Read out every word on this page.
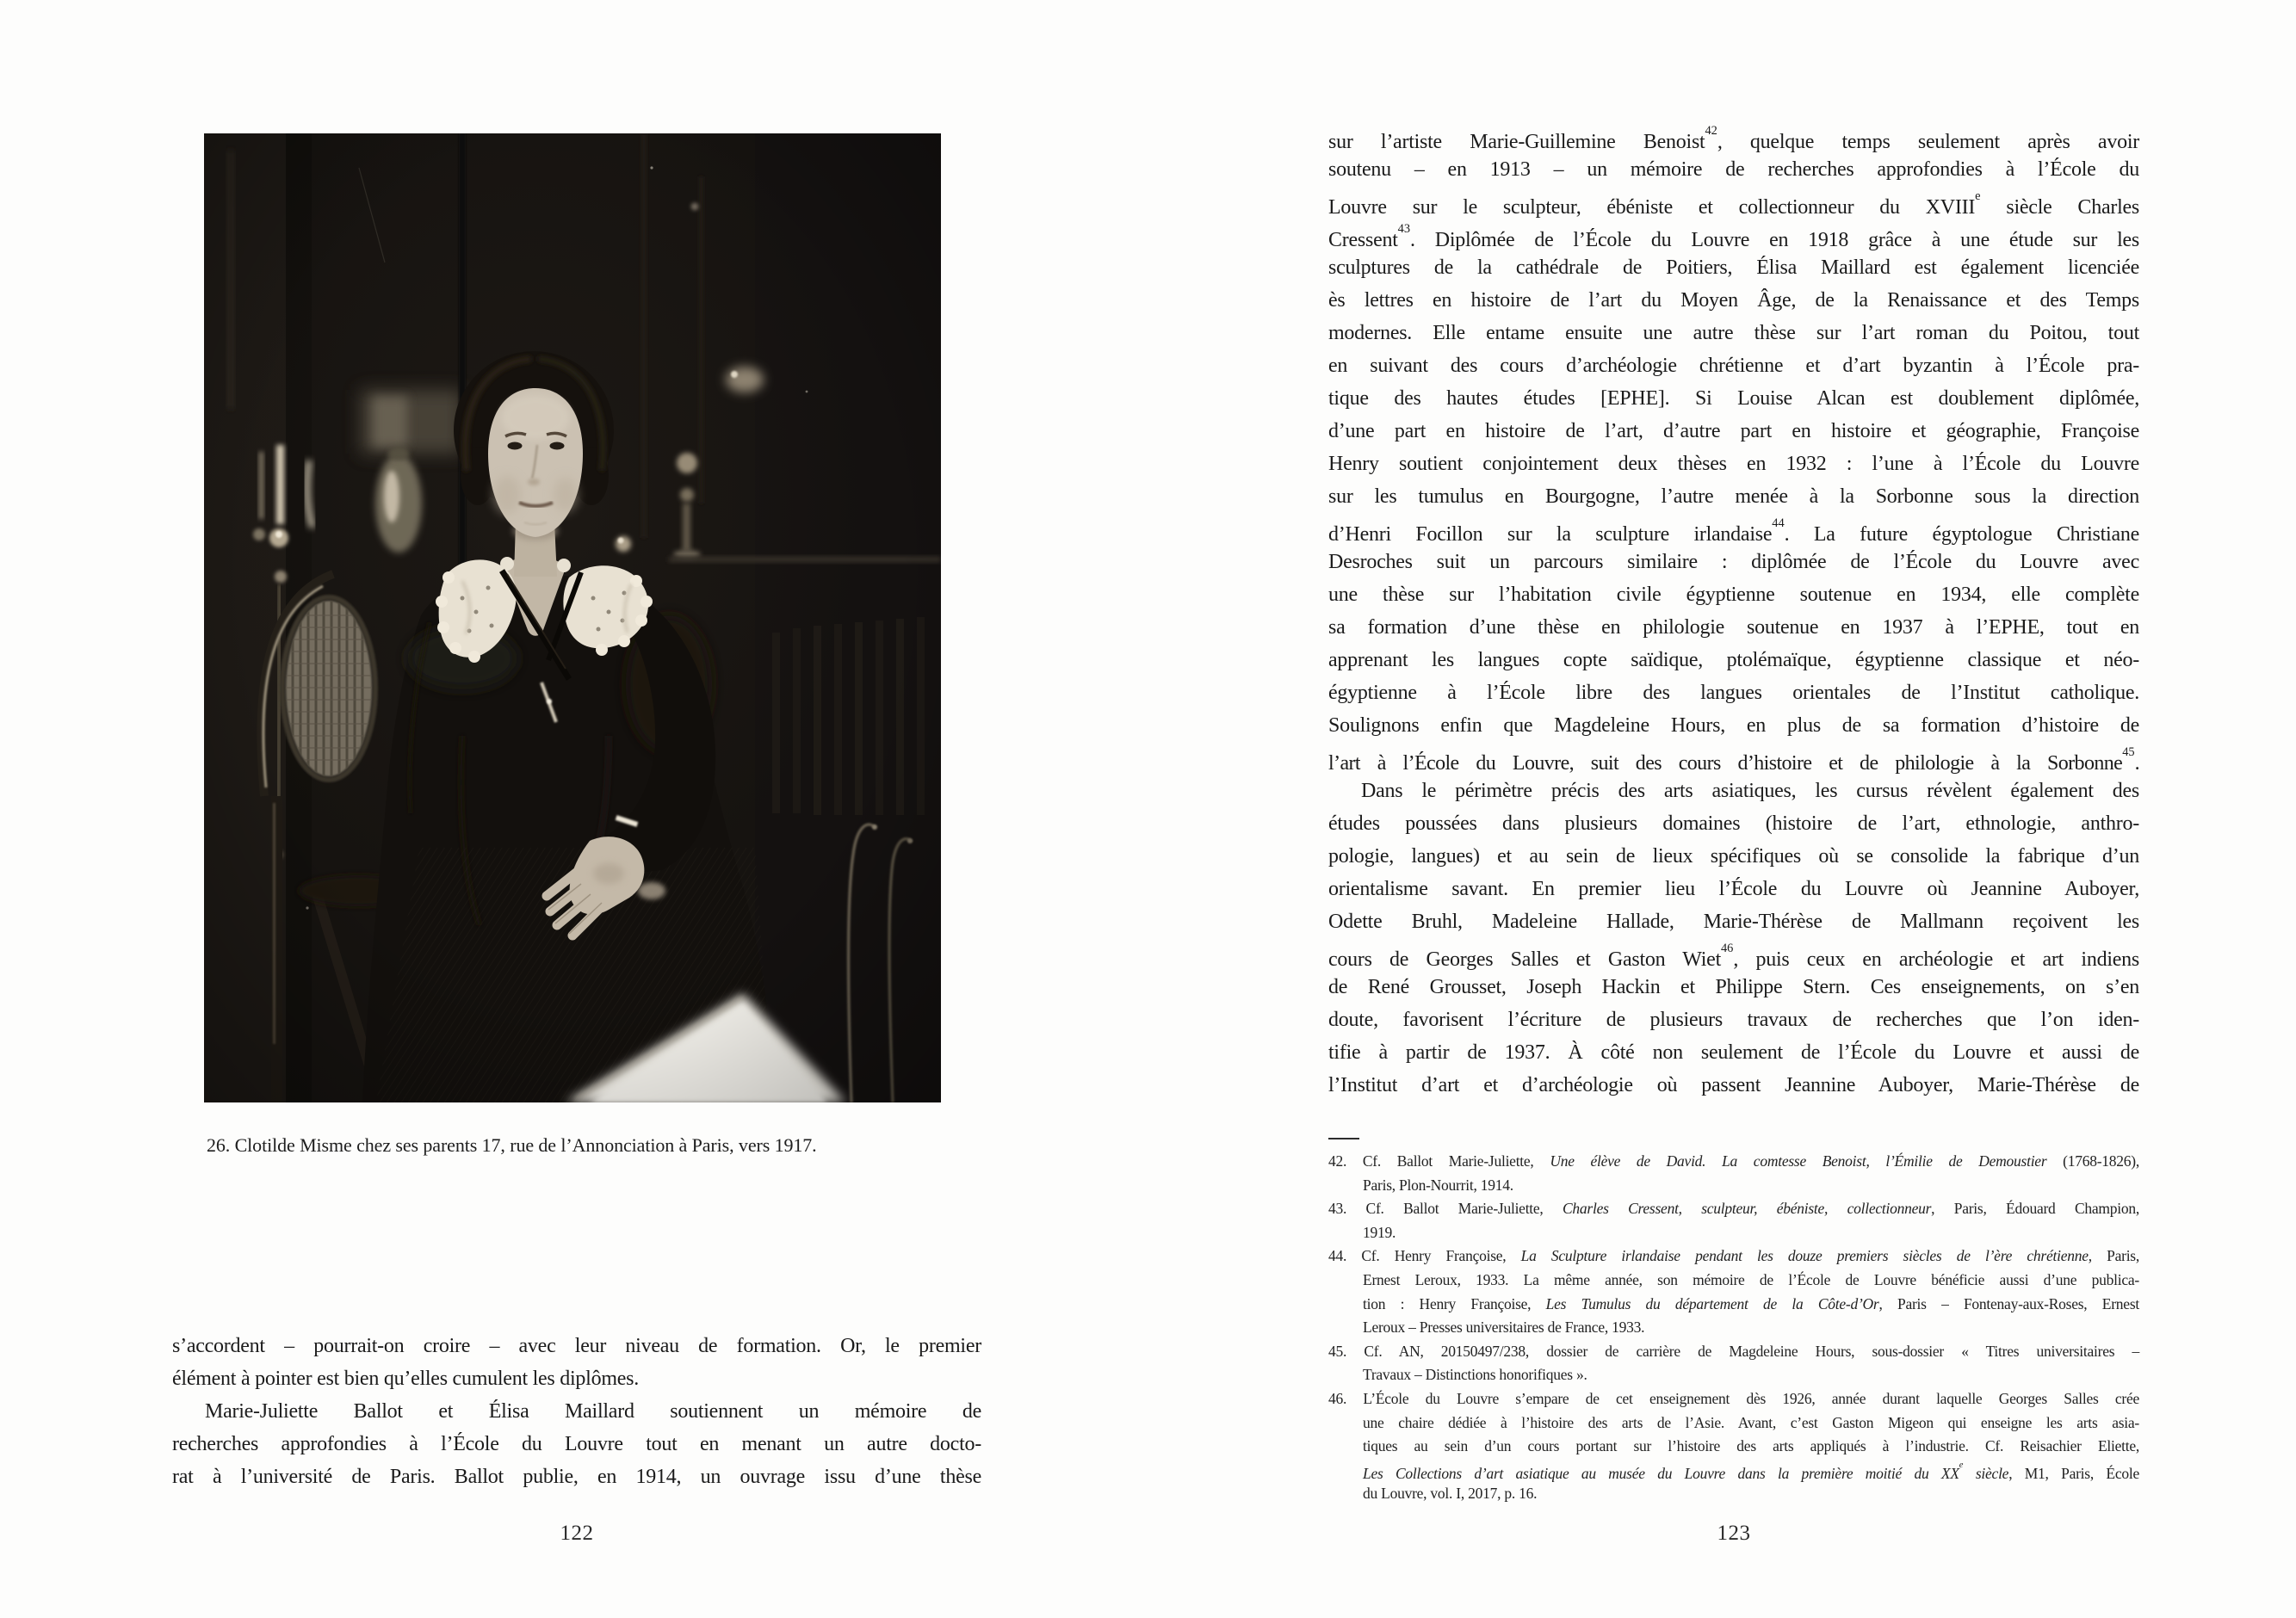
26. Clotilde Misme chez ses parents 17, rue de l’Annonciation à Paris, vers 1917.
s’accordent – pourrait-on croire – avec leur niveau de formation. Or, le premier
élément à pointer est bien qu’elles cumulent les diplômes.
Marie-Juliette Ballot et Élisa Maillard soutiennent un mémoire de
recherches approfondies à l’École du Louvre tout en menant un autre docto-
rat à l’université de Paris. Ballot publie, en 1914, un ouvrage issu d’une thèse
122
sur l’artiste Marie-Guillemine Benoist$^{42}$, quelque temps seulement après avoir
soutenu – en 1913 – un mémoire de recherches approfondies à l’École du
Louvre sur le sculpteur, ébéniste et collectionneur du XVIIIe siècle Charles
Cressent$^{43}$. Diplômée de l’École du Louvre en 1918 grâce à une étude sur les
sculptures de la cathédrale de Poitiers, Élisa Maillard est également licenciée
ès lettres en histoire de l’art du Moyen Âge, de la Renaissance et des Temps
modernes. Elle entame ensuite une autre thèse sur l’art roman du Poitou, tout
en suivant des cours d’archéologie chrétienne et d’art byzantin à l’École pra-
tique des hautes études [EPHE]. Si Louise Alcan est doublement diplômée,
d’une part en histoire de l’art, d’autre part en histoire et géographie, Françoise
Henry soutient conjointement deux thèses en 1932 : l’une à l’École du Louvre
sur les tumulus en Bourgogne, l’autre menée à la Sorbonne sous la direction
d’Henri Focillon sur la sculpture irlandaise$^{44}$. La future égyptologue Christiane
Desroches suit un parcours similaire : diplômée de l’École du Louvre avec
une thèse sur l’habitation civile égyptienne soutenue en 1934, elle complète
sa formation d’une thèse en philologie soutenue en 1937 à l’EPHE, tout en
apprenant les langues copte saïdique, ptolémaïque, égyptienne classique et néo-
égyptienne à l’École libre des langues orientales de l’Institut catholique.
Soulignons enfin que Magdeleine Hours, en plus de sa formation d’histoire de
l’art à l’École du Louvre, suit des cours d’histoire et de philologie à la Sorbonne$^{45}$.
Dans le périmètre précis des arts asiatiques, les cursus révèlent également des
études poussées dans plusieurs domaines (histoire de l’art, ethnologie, anthro-
pologie, langues) et au sein de lieux spécifiques où se consolide la fabrique d’un
orientalisme savant. En premier lieu l’École du Louvre où Jeannine Auboyer,
Odette Bruhl, Madeleine Hallade, Marie-Thérèse de Mallmann reçoivent les
cours de Georges Salles et Gaston Wiet$^{46}$, puis ceux en archéologie et art indiens
de René Grousset, Joseph Hackin et Philippe Stern. Ces enseignements, on s’en
doute, favorisent l’écriture de plusieurs travaux de recherches que l’on iden-
tifie à partir de 1937. À côté non seulement de l’École du Louvre et aussi de
l’Institut d’art et d’archéologie où passent Jeannine Auboyer, Marie-Thérèse de
42. Cf. Ballot Marie-Juliette, Une élève de David. La comtesse Benoist, l’Émilie de Demoustier (1768-1826),
Paris, Plon-Nourrit, 1914.
43. Cf. Ballot Marie-Juliette, Charles Cressent, sculpteur, ébéniste, collectionneur, Paris, Édouard Champion,
1919.
44. Cf. Henry Françoise, La Sculpture irlandaise pendant les douze premiers siècles de l’ère chrétienne, Paris,
Ernest Leroux, 1933. La même année, son mémoire de l’École de Louvre bénéficie aussi d’une publica-
tion : Henry Françoise, Les Tumulus du département de la Côte-d’Or, Paris – Fontenay-aux-Roses, Ernest
Leroux – Presses universitaires de France, 1933.
45. Cf. AN, 20150497/238, dossier de carrière de Magdeleine Hours, sous-dossier « Titres universitaires –
Travaux – Distinctions honorifiques ».
46. L’École du Louvre s’empare de cet enseignement dès 1926, année durant laquelle Georges Salles crée
une chaire dédiée à l’histoire des arts de l’Asie. Avant, c’est Gaston Migeon qui enseigne les arts asia-
tiques au sein d’un cours portant sur l’histoire des arts appliqués à l’industrie. Cf. Reisachier Eliette,
Les Collections d’art asiatique au musée du Louvre dans la première moitié du XXe siècle, M1, Paris, École
du Louvre, vol. I, 2017, p. 16.
123
